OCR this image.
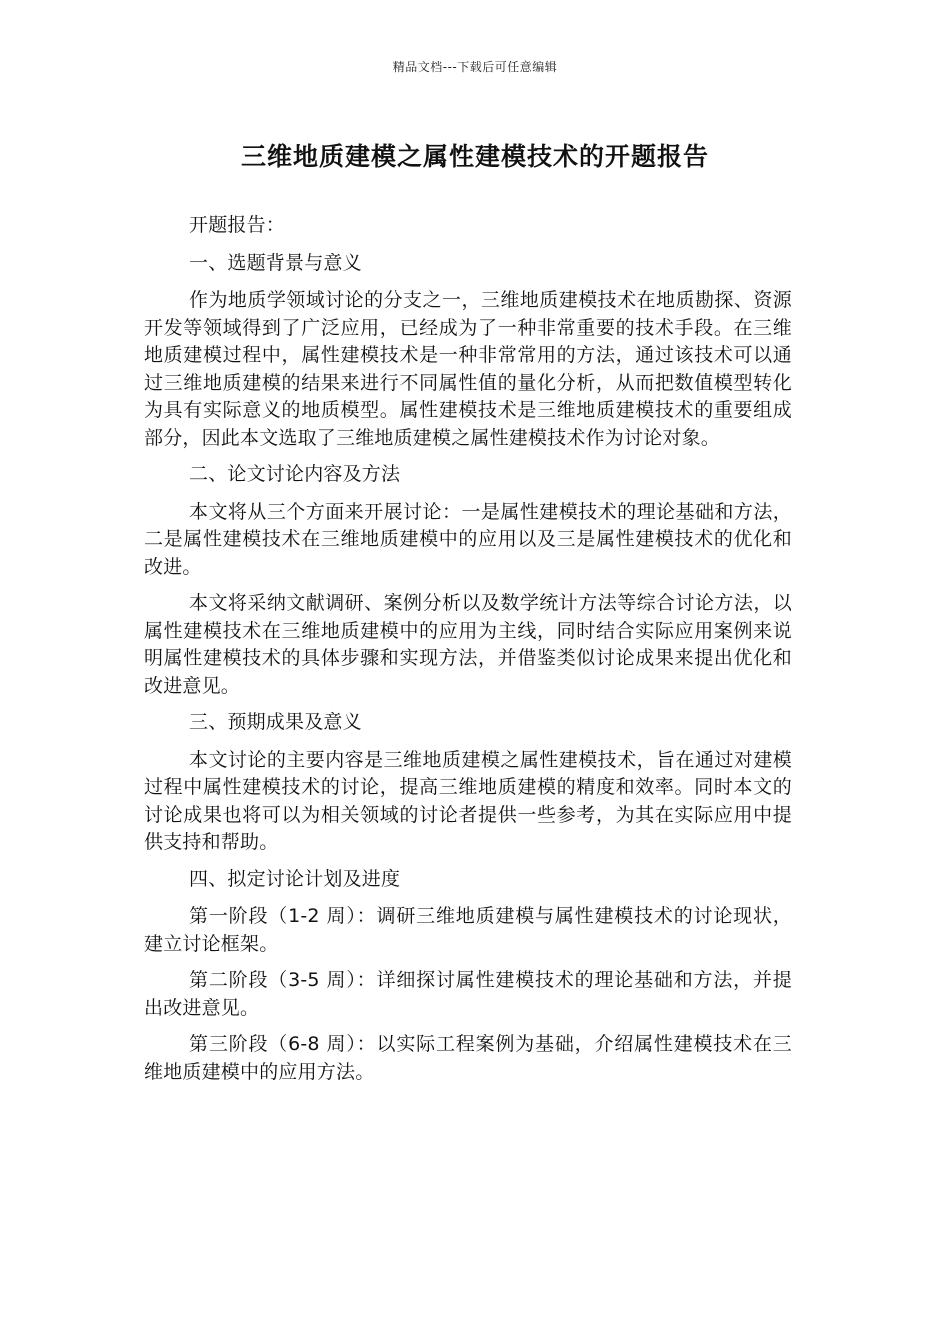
精品文档---下载后可任意编辑
三维地质建模之属性建模技术的开题报告

开题报告：

一、选题背景与意义

作为地质学领域讨论的分支之一，三维地质建模技术在地质勘探、资源开发等领域得到了广泛应用，已经成为了一种非常重要的技术手段。在三维地质建模过程中，属性建模技术是一种非常常用的方法，通过该技术可以通过三维地质建模的结果来进行不同属性值的量化分析，从而把数值模型转化为具有实际意义的地质模型。属性建模技术是三维地质建模技术的重要组成部分，因此本文选取了三维地质建模之属性建模技术作为讨论对象。

二、论文讨论内容及方法

本文将从三个方面来开展讨论：一是属性建模技术的理论基础和方法，二是属性建模技术在三维地质建模中的应用以及三是属性建模技术的优化和改进。

本文将采纳文献调研、案例分析以及数学统计方法等综合讨论方法，以属性建模技术在三维地质建模中的应用为主线，同时结合实际应用案例来说明属性建模技术的具体步骤和实现方法，并借鉴类似讨论成果来提出优化和改进意见。

三、预期成果及意义

本文讨论的主要内容是三维地质建模之属性建模技术，旨在通过对建模过程中属性建模技术的讨论，提高三维地质建模的精度和效率。同时本文的讨论成果也将可以为相关领域的讨论者提供一些参考，为其在实际应用中提供支持和帮助。

四、拟定讨论计划及进度

第一阶段（1-2 周）：调研三维地质建模与属性建模技术的讨论现状，建立讨论框架。

第二阶段（3-5 周）：详细探讨属性建模技术的理论基础和方法，并提出改进意见。

第三阶段（6-8 周）：以实际工程案例为基础，介绍属性建模技术在三维地质建模中的应用方法。
